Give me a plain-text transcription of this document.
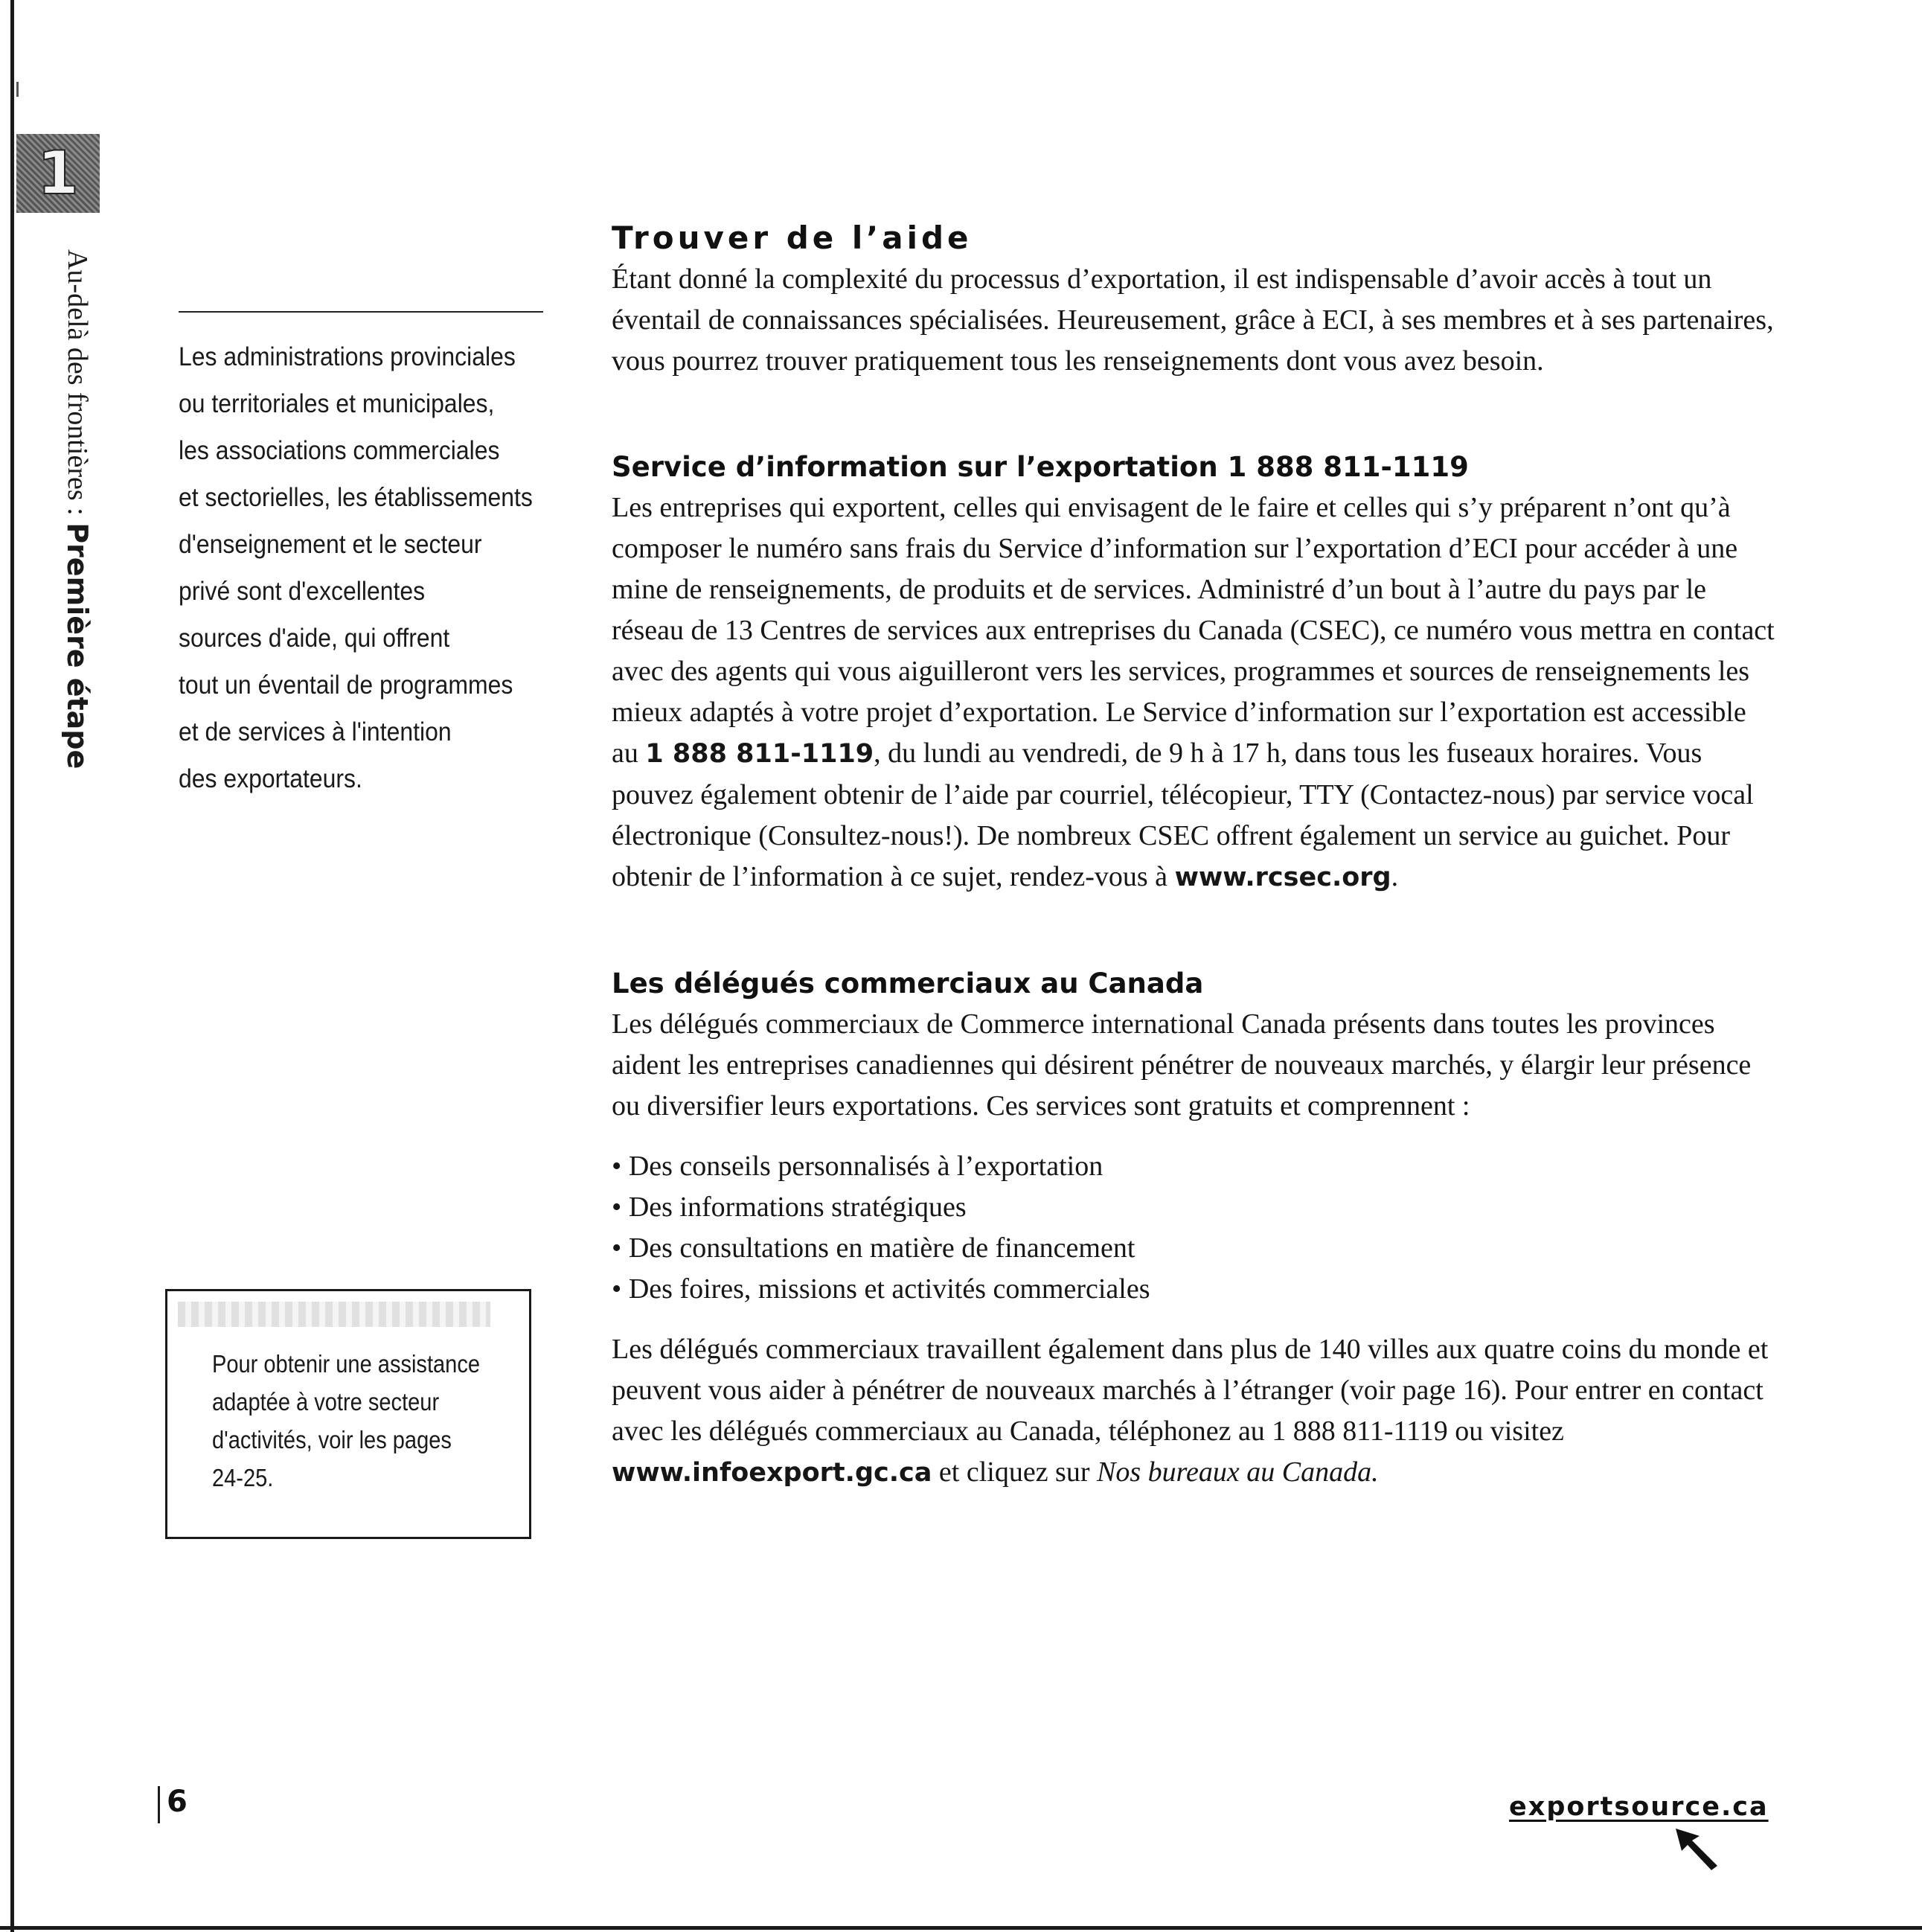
1
Au-delà des frontières : Première étape
Les administrations provinciales
ou territoriales et municipales,
les associations commerciales
et sectorielles, les établissements
d'enseignement et le secteur
privé sont d'excellentes
sources d'aide, qui offrent
tout un éventail de programmes
et de services à l'intention
des exportateurs.
Pour obtenir une assistance
adaptée à votre secteur
d'activités, voir les pages
24-25.
Trouver de l’aide

Étant donné la complexité du processus d’exportation, il est indispensable d’avoir accès à tout un éventail de connaissances spécialisées. Heureusement, grâce à ECI, à ses membres et à ses partenaires, vous pourrez trouver pratiquement tous les renseignements dont vous avez besoin.

Service d’information sur l’exportation 1 888 811-1119

Les entreprises qui exportent, celles qui envisagent de le faire et celles qui s’y préparent n’ont qu’à composer le numéro sans frais du Service d’information sur l’exportation d’ECI pour accéder à une mine de renseignements, de produits et de services. Administré d’un bout à l’autre du pays par le réseau de 13 Centres de services aux entreprises du Canada (CSEC), ce numéro vous mettra en contact avec des agents qui vous aiguilleront vers les services, programmes et sources de renseignements les mieux adaptés à votre projet d’exportation. Le Service d’information sur l’exportation est accessible au 1 888 811-1119, du lundi au vendredi, de 9 h à 17 h, dans tous les fuseaux horaires. Vous pouvez également obtenir de l’aide par courriel, télécopieur, TTY (Contactez-nous) par service vocal électronique (Consultez-nous!). De nombreux CSEC offrent également un service au guichet. Pour obtenir de l’information à ce sujet, rendez-vous à www.rcsec.org.

Les délégués commerciaux au Canada

Les délégués commerciaux de Commerce international Canada présents dans toutes les provinces aident les entreprises canadiennes qui désirent pénétrer de nouveaux marchés, y élargir leur présence ou diversifier leurs exportations. Ces services sont gratuits et comprennent :

• Des conseils personnalisés à l’exportation
• Des informations stratégiques
• Des consultations en matière de financement
• Des foires, missions et activités commerciales

Les délégués commerciaux travaillent également dans plus de 140 villes aux quatre coins du monde et peuvent vous aider à pénétrer de nouveaux marchés à l’étranger (voir page 16). Pour entrer en contact avec les délégués commerciaux au Canada, téléphonez au 1 888 811-1119 ou visitez www.infoexport.gc.ca et cliquez sur Nos bureaux au Canada.

6	exportsource.ca
